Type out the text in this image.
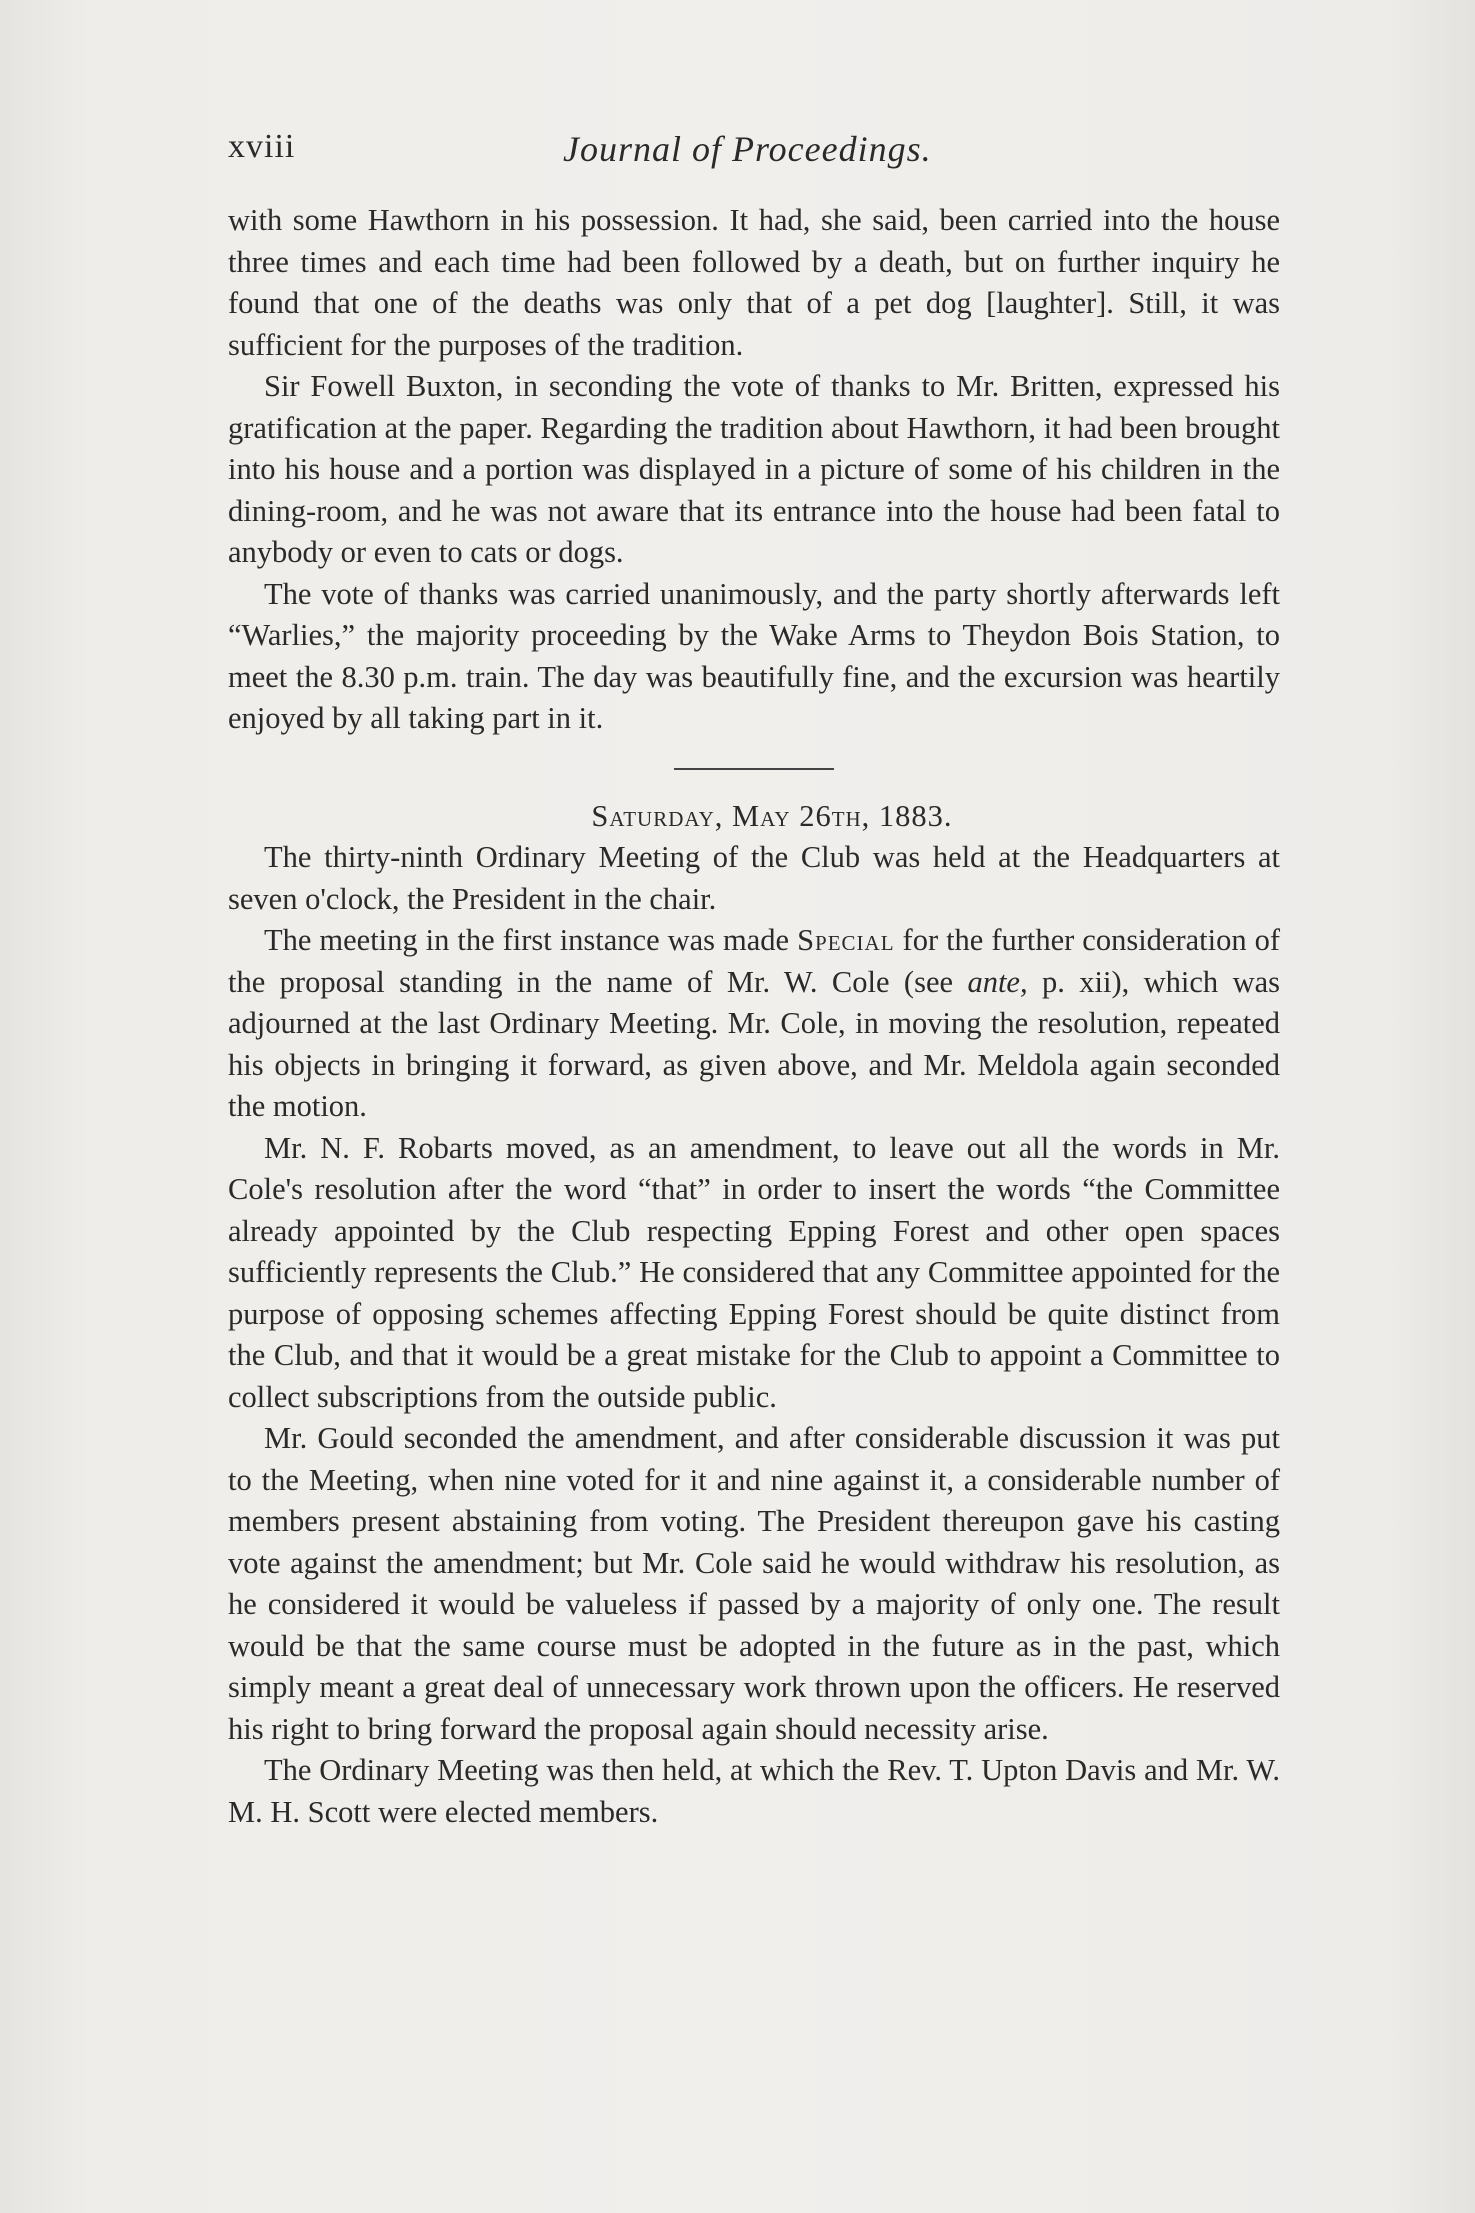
xviii	Journal of Proceedings.

with some Hawthorn in his possession. It had, she said, been carried into the house three times and each time had been followed by a death, but on further inquiry he found that one of the deaths was only that of a pet dog [laughter]. Still, it was sufficient for the purposes of the tradition.

Sir Fowell Buxton, in seconding the vote of thanks to Mr. Britten, expressed his gratification at the paper. Regarding the tradition about Hawthorn, it had been brought into his house and a portion was displayed in a picture of some of his children in the dining-room, and he was not aware that its entrance into the house had been fatal to anybody or even to cats or dogs.

The vote of thanks was carried unanimously, and the party shortly afterwards left “Warlies,” the majority proceeding by the Wake Arms to Theydon Bois Station, to meet the 8.30 p.m. train. The day was beautifully fine, and the excursion was heartily enjoyed by all taking part in it.

Saturday, May 26th, 1883.

The thirty-ninth Ordinary Meeting of the Club was held at the Headquarters at seven o'clock, the President in the chair.

The meeting in the first instance was made Special for the further consideration of the proposal standing in the name of Mr. W. Cole (see ante, p. xii), which was adjourned at the last Ordinary Meeting. Mr. Cole, in moving the resolution, repeated his objects in bringing it forward, as given above, and Mr. Meldola again seconded the motion.

Mr. N. F. Robarts moved, as an amendment, to leave out all the words in Mr. Cole's resolution after the word “that” in order to insert the words “the Committee already appointed by the Club respecting Epping Forest and other open spaces sufficiently represents the Club.” He considered that any Committee appointed for the purpose of opposing schemes affecting Epping Forest should be quite distinct from the Club, and that it would be a great mistake for the Club to appoint a Committee to collect subscriptions from the outside public.

Mr. Gould seconded the amendment, and after considerable discussion it was put to the Meeting, when nine voted for it and nine against it, a considerable number of members present abstaining from voting. The President thereupon gave his casting vote against the amendment; but Mr. Cole said he would withdraw his resolution, as he considered it would be valueless if passed by a majority of only one. The result would be that the same course must be adopted in the future as in the past, which simply meant a great deal of unnecessary work thrown upon the officers. He reserved his right to bring forward the proposal again should necessity arise.

The Ordinary Meeting was then held, at which the Rev. T. Upton Davis and Mr. W. M. H. Scott were elected members.
